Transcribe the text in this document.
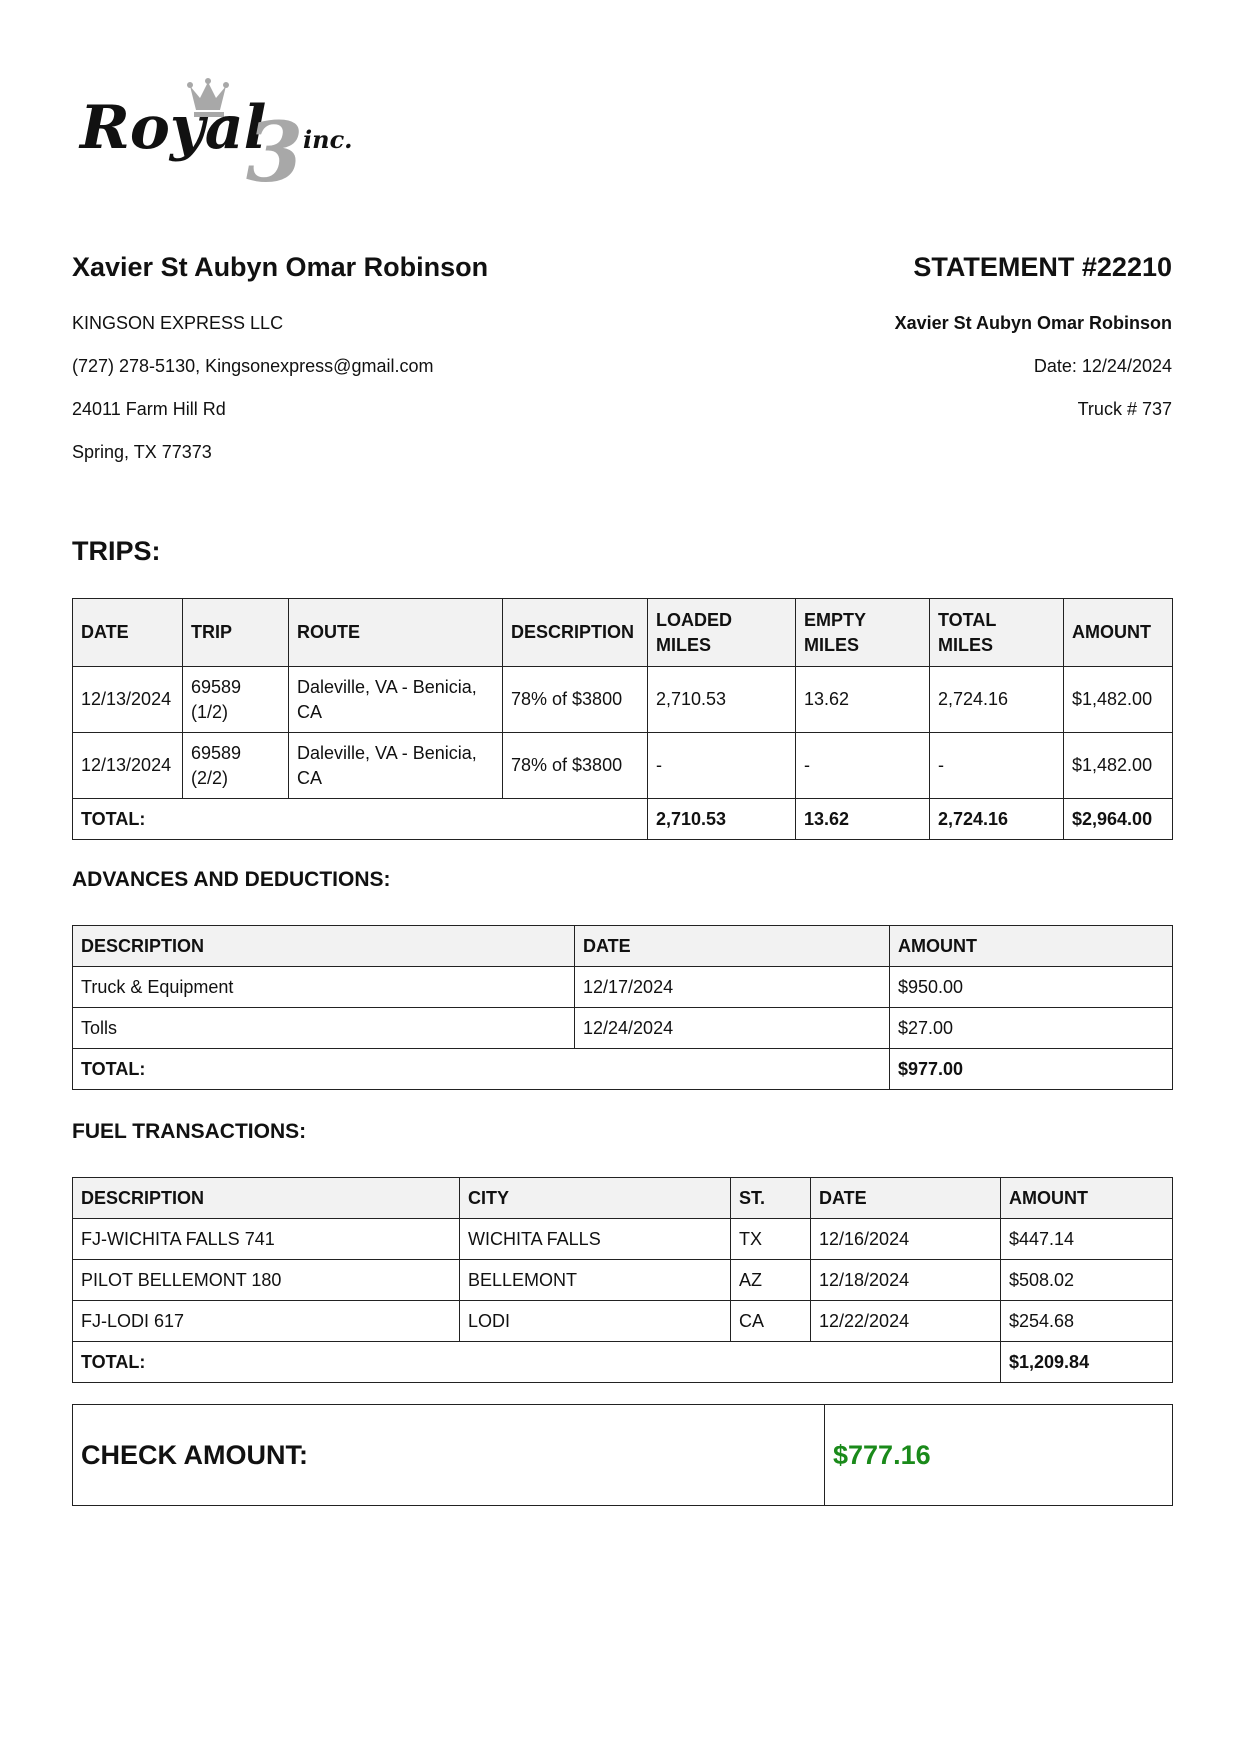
Royal
3 inc.
Xavier St Aubyn Omar Robinson
KINGSON EXPRESS LLC
(727) 278-5130, Kingsonexpress@gmail.com
24011 Farm Hill Rd
Spring, TX 77373
STATEMENT #22210
Xavier St Aubyn Omar Robinson
Date: 12/24/2024
Truck # 737
TRIPS:
DATE	TRIP	ROUTE	DESCRIPTION	LOADED MILES	EMPTY MILES	TOTAL MILES	AMOUNT
12/13/2024	69589 (1/2)	Daleville, VA - Benicia, CA	78% of $3800	2,710.53	13.62	2,724.16	$1,482.00
12/13/2024	69589 (2/2)	Daleville, VA - Benicia, CA	78% of $3800	-	-	-	$1,482.00
TOTAL:				2,710.53	13.62	2,724.16	$2,964.00
ADVANCES AND DEDUCTIONS:
DESCRIPTION	DATE	AMOUNT
Truck & Equipment	12/17/2024	$950.00
Tolls	12/24/2024	$27.00
TOTAL:		$977.00
FUEL TRANSACTIONS:
DESCRIPTION	CITY	ST.	DATE	AMOUNT
FJ-WICHITA FALLS 741	WICHITA FALLS	TX	12/16/2024	$447.14
PILOT BELLEMONT 180	BELLEMONT	AZ	12/18/2024	$508.02
FJ-LODI 617	LODI	CA	12/22/2024	$254.68
TOTAL:				$1,209.84
CHECK AMOUNT:	$777.16
